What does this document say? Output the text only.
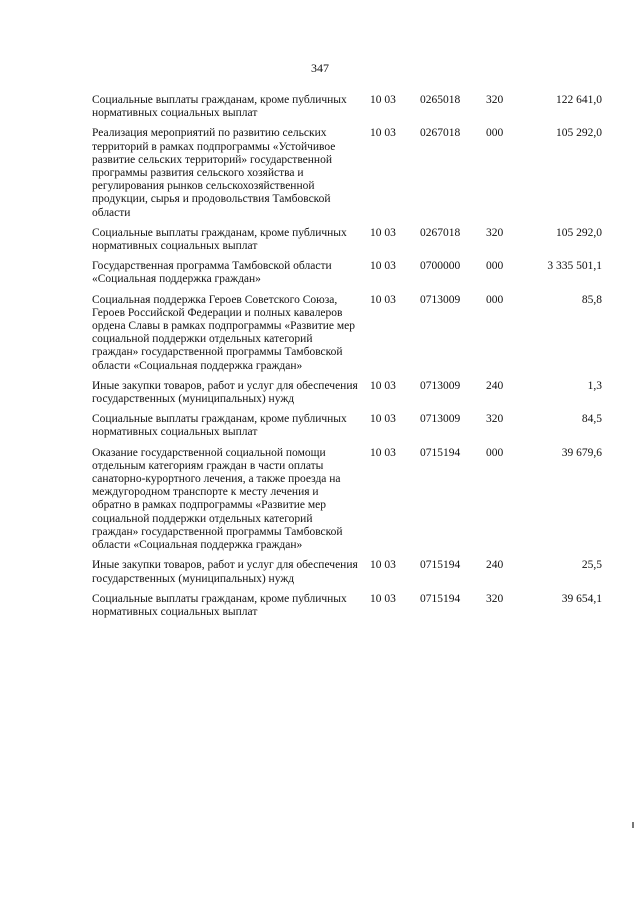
347
Социальные выплаты гражданам, кроме публичных нормативных социальных выплат
10 03	0265018	320	122 641,0
Реализация мероприятий по развитию сельских территорий в рамках подпрограммы «Устойчивое развитие сельских территорий» государственной программы развития сельского хозяйства и регулирования рынков сельскохозяйственной продукции, сырья и продовольствия Тамбовской области
10 03	0267018	000	105 292,0
Социальные выплаты гражданам, кроме публичных нормативных социальных выплат
10 03	0267018	320	105 292,0
Государственная программа Тамбовской области «Социальная поддержка граждан»
10 03	0700000	000	3 335 501,1
Социальная поддержка Героев Советского Союза, Героев Российской Федерации и полных кавалеров ордена Славы в рамках подпрограммы «Развитие мер социальной поддержки отдельных категорий граждан» государственной программы Тамбовской области «Социальная поддержка граждан»
10 03	0713009	000	85,8
Иные закупки товаров, работ и услуг для обеспечения государственных (муниципальных) нужд
10 03	0713009	240	1,3
Социальные выплаты гражданам, кроме публичных нормативных социальных выплат
10 03	0713009	320	84,5
Оказание государственной социальной помощи отдельным категориям граждан в части оплаты санаторно-курортного лечения, а также проезда на междугородном транспорте к месту лечения и обратно в рамках подпрограммы «Развитие мер социальной поддержки отдельных категорий граждан» государственной программы Тамбовской области «Социальная поддержка граждан»
10 03	0715194	000	39 679,6
Иные закупки товаров, работ и услуг для обеспечения государственных (муниципальных) нужд
10 03	0715194	240	25,5
Социальные выплаты гражданам, кроме публичных нормативных социальных выплат
10 03	0715194	320	39 654,1
